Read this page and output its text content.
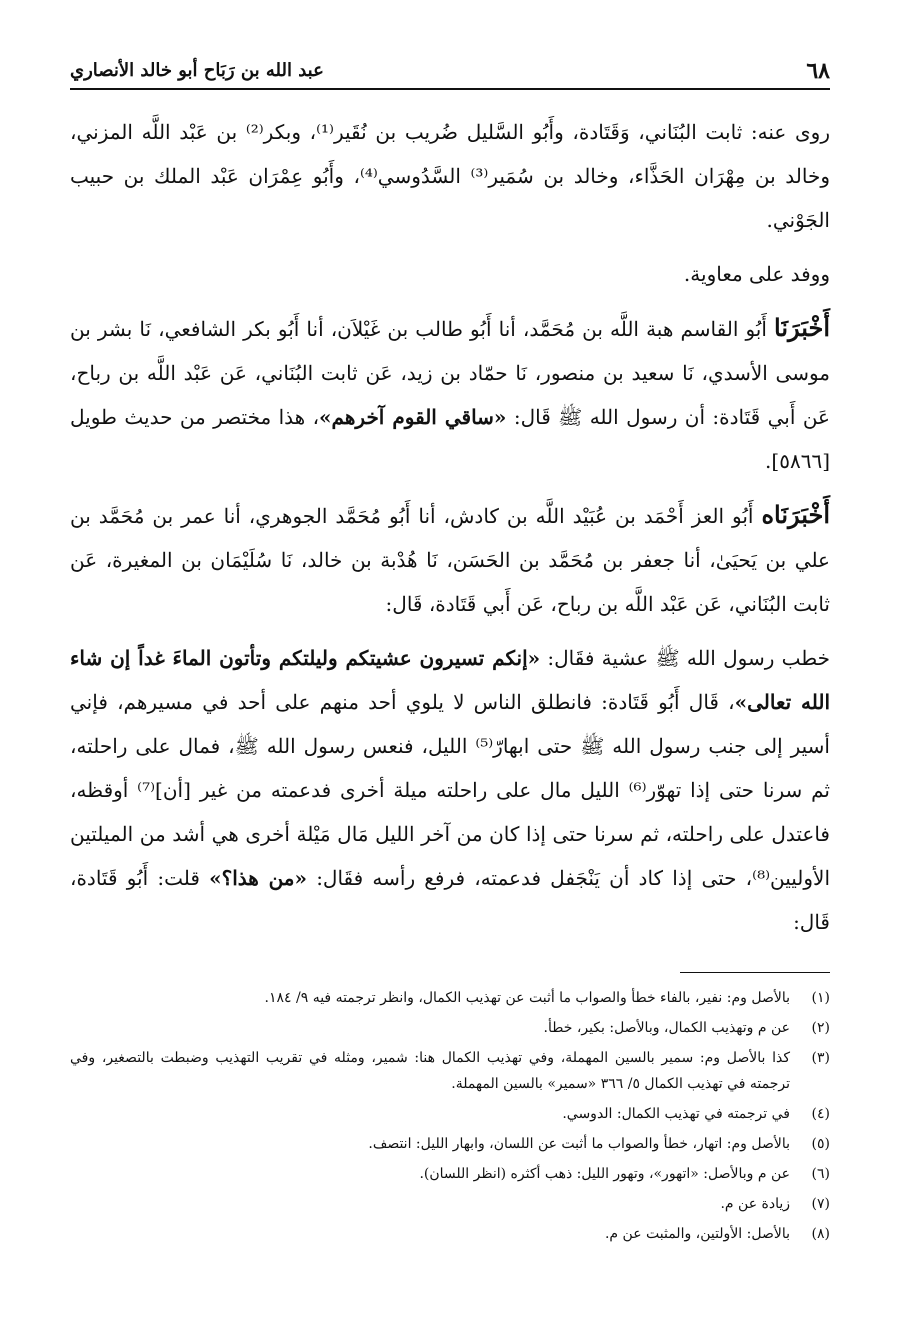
٦٨
عبد الله بن رَبَاح أبو خالد الأنصاري

روى عنه: ثابت البُنَاني، وَقَتَادة، وأَبُو السَّليل ضُريب بن نُقَير⁽¹⁾، وبكر⁽²⁾ بن عَبْد اللَّه المزني، وخالد بن مِهْرَان الحَذَّاء، وخالد بن سُمَير⁽³⁾ السَّدُوسي⁽⁴⁾، وأَبُو عِمْرَان عَبْد الملك بن حبيب الجَوْني.

ووفد على معاوية.

أَخْبَرَنَا أَبُو القاسم هبة اللَّه بن مُحَمَّد، أنا أَبُو طالب بن غَيْلاَن، أنا أَبُو بكر الشافعي، نَا بشر بن موسى الأسدي، نَا سعيد بن منصور، نَا حمّاد بن زيد، عَن ثابت البُنَاني، عَن عَبْد اللَّه بن رباح، عَن أَبي قَتَادة: أن رسول الله ﷺ قَال: «ساقي القوم آخرهم»، هذا مختصر من حديث طويل [٥٨٦٦].

أَخْبَرَنَاه أَبُو العز أَحْمَد بن عُبَيْد اللَّه بن كادش، أنا أَبُو مُحَمَّد الجوهري، أنا عمر بن مُحَمَّد بن علي بن يَحيَىٰ، أنا جعفر بن مُحَمَّد بن الحَسَن، نَا هُدْبة بن خالد، نَا سُلَيْمَان بن المغيرة، عَن ثابت البُنَاني، عَن عَبْد اللَّه بن رباح، عَن أَبي قَتَادة، قَال:

خطب رسول الله ﷺ عشية فقَال: «إنكم تسيرون عشيتكم وليلتكم وتأتون الماءَ غداً إن شاء الله تعالى»، قَال أَبُو قَتَادة: فانطلق الناس لا يلوي أحد منهم على أحد في مسيرهم، فإني أسير إلى جنب رسول الله ﷺ حتى ابهارّ⁽⁵⁾ الليل، فنعس رسول الله ﷺ، فمال على راحلته، ثم سرنا حتى إذا تهوّر⁽⁶⁾ الليل مال على راحلته ميلة أخرى فدعمته من غير [أن]⁽⁷⁾ أوقظه، فاعتدل على راحلته، ثم سرنا حتى إذا كان من آخر الليل مَال مَيْلة أخرى هي أشد من الميلتين الأوليين⁽⁸⁾، حتى إذا كاد أن يَنْجَفل فدعمته، فرفع رأسه فقَال: «من هذا؟» قلت: أَبُو قَتَادة، قَال:

(١)
بالأصل وم: نفير، بالفاء خطأ والصواب ما أثبت عن تهذيب الكمال، وانظر ترجمته فيه ٩/ ١٨٤.
(٢)
عن م وتهذيب الكمال، وبالأصل: بكير، خطأ.
(٣)
كذا بالأصل وم: سمير بالسين المهملة، وفي تهذيب الكمال هنا: شمير، ومثله في تقريب التهذيب وضبطت بالتصغير، وفي ترجمته في تهذيب الكمال ٥/ ٣٦٦ «سمير» بالسين المهملة.
(٤)
في ترجمته في تهذيب الكمال: الدوسي.
(٥)
بالأصل وم: اتهار، خطأ والصواب ما أثبت عن اللسان، وابهار الليل: انتصف.
(٦)
عن م وبالأصل: «اتهور»، وتهور الليل: ذهب أكثره (انظر اللسان).
(٧)
زيادة عن م.
(٨)
بالأصل: الأولتين، والمثبت عن م.
